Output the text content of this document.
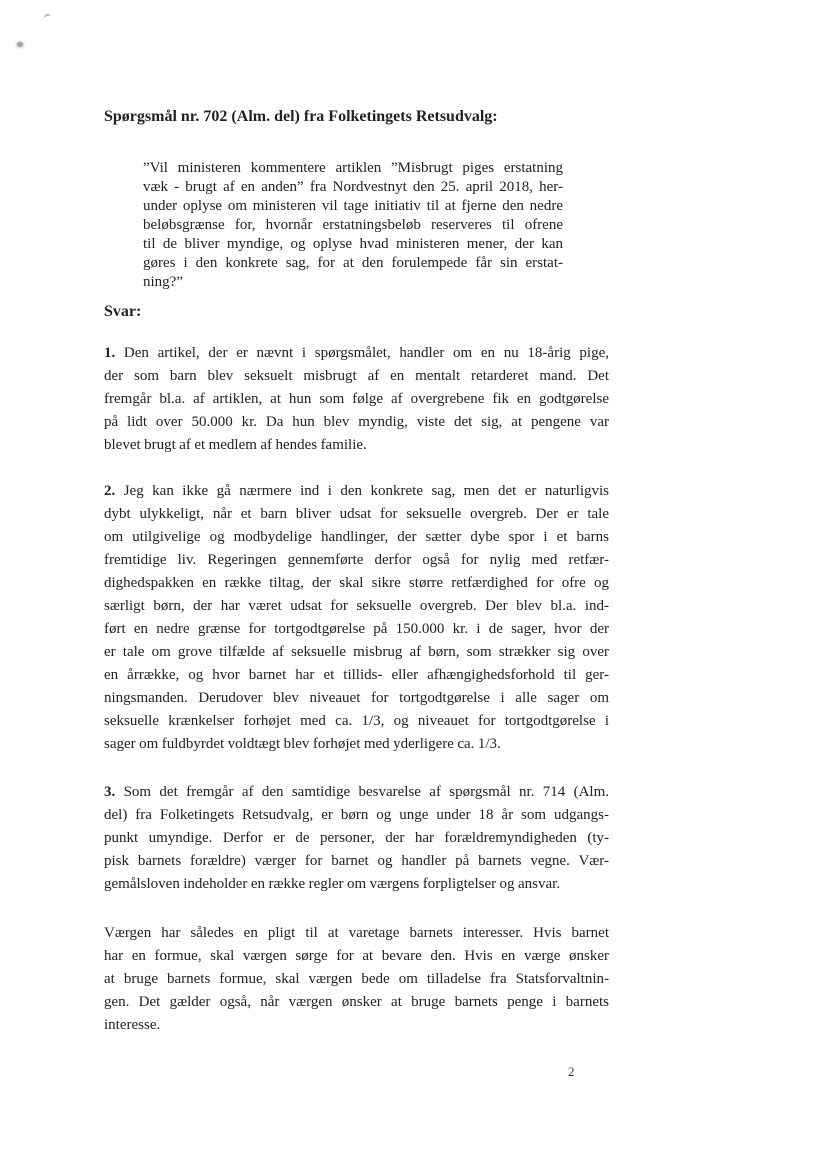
Spørgsmål nr. 702 (Alm. del) fra Folketingets Retsudvalg:
”Vil ministeren kommentere artiklen ”Misbrugt piges erstatning
væk - brugt af en anden” fra Nordvestnyt den 25. april 2018, her-
under oplyse om ministeren vil tage initiativ til at fjerne den nedre
beløbsgrænse for, hvornår erstatningsbeløb reserveres til ofrene
til de bliver myndige, og oplyse hvad ministeren mener, der kan
gøres i den konkrete sag, for at den forulempede får sin erstat-
ning?”
Svar:
1. Den artikel, der er nævnt i spørgsmålet, handler om en nu 18-årig pige,
der som barn blev seksuelt misbrugt af en mentalt retarderet mand. Det
fremgår bl.a. af artiklen, at hun som følge af overgrebene fik en godtgørelse
på lidt over 50.000 kr. Da hun blev myndig, viste det sig, at pengene var
blevet brugt af et medlem af hendes familie.
2. Jeg kan ikke gå nærmere ind i den konkrete sag, men det er naturligvis
dybt ulykkeligt, når et barn bliver udsat for seksuelle overgreb. Der er tale
om utilgivelige og modbydelige handlinger, der sætter dybe spor i et barns
fremtidige liv. Regeringen gennemførte derfor også for nylig med retfær-
dighedspakken en række tiltag, der skal sikre større retfærdighed for ofre og
særligt børn, der har været udsat for seksuelle overgreb. Der blev bl.a. ind-
ført en nedre grænse for tortgodtgørelse på 150.000 kr. i de sager, hvor der
er tale om grove tilfælde af seksuelle misbrug af børn, som strækker sig over
en årrække, og hvor barnet har et tillids- eller afhængighedsforhold til ger-
ningsmanden. Derudover blev niveauet for tortgodtgørelse i alle sager om
seksuelle krænkelser forhøjet med ca. 1/3, og niveauet for tortgodtgørelse i
sager om fuldbyrdet voldtægt blev forhøjet med yderligere ca. 1/3.
3. Som det fremgår af den samtidige besvarelse af spørgsmål nr. 714 (Alm.
del) fra Folketingets Retsudvalg, er børn og unge under 18 år som udgangs-
punkt umyndige. Derfor er de personer, der har forældremyndigheden (ty-
pisk barnets forældre) værger for barnet og handler på barnets vegne. Vær-
gemålsloven indeholder en række regler om værgens forpligtelser og ansvar.
Værgen har således en pligt til at varetage barnets interesser. Hvis barnet
har en formue, skal værgen sørge for at bevare den. Hvis en værge ønsker
at bruge barnets formue, skal værgen bede om tilladelse fra Statsforvaltnin-
gen. Det gælder også, når værgen ønsker at bruge barnets penge i barnets
interesse.
2
